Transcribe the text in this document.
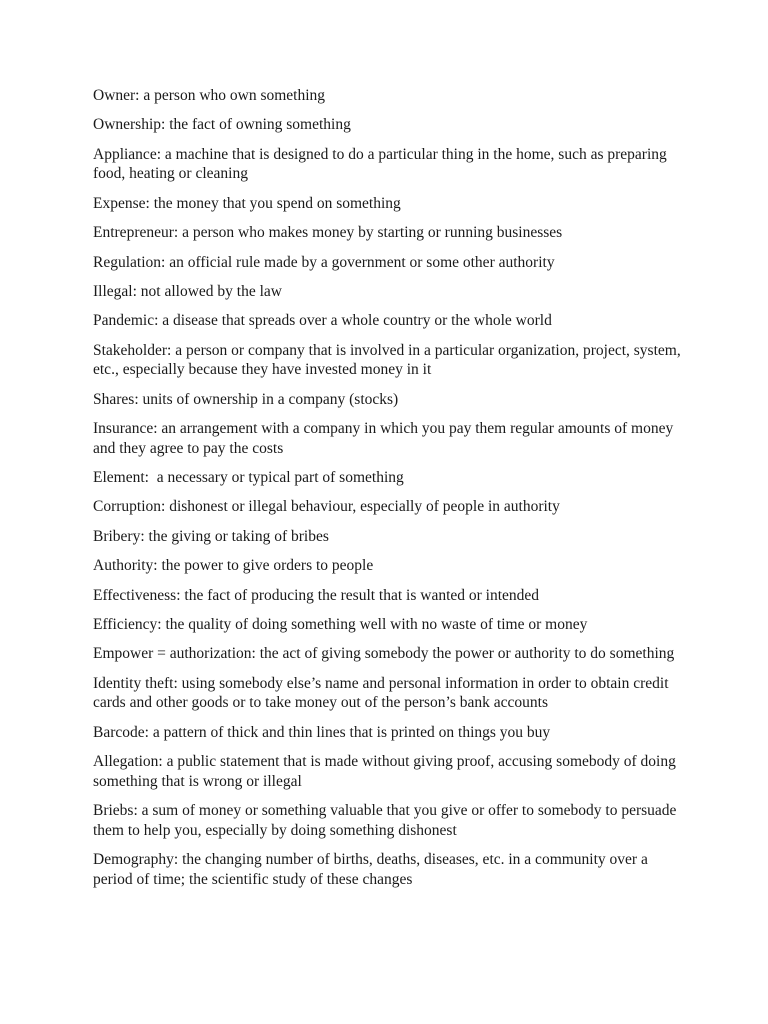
Owner: a person who own something
Ownership: the fact of owning something
Appliance: a machine that is designed to do a particular thing in the home, such as preparing food, heating or cleaning
Expense: the money that you spend on something
Entrepreneur: a person who makes money by starting or running businesses
Regulation: an official rule made by a government or some other authority
Illegal: not allowed by the law
Pandemic: a disease that spreads over a whole country or the whole world
Stakeholder: a person or company that is involved in a particular organization, project, system, etc., especially because they have invested money in it
Shares: units of ownership in a company (stocks)
Insurance: an arrangement with a company in which you pay them regular amounts of money and they agree to pay the costs
Element:  a necessary or typical part of something
Corruption: dishonest or illegal behaviour, especially of people in authority
Bribery: the giving or taking of bribes
Authority: the power to give orders to people
Effectiveness: the fact of producing the result that is wanted or intended
Efficiency: the quality of doing something well with no waste of time or money
Empower = authorization: the act of giving somebody the power or authority to do something
Identity theft: using somebody else’s name and personal information in order to obtain credit cards and other goods or to take money out of the person’s bank accounts
Barcode: a pattern of thick and thin lines that is printed on things you buy
Allegation: a public statement that is made without giving proof, accusing somebody of doing something that is wrong or illegal
Briebs: a sum of money or something valuable that you give or offer to somebody to persuade them to help you, especially by doing something dishonest
Demography: the changing number of births, deaths, diseases, etc. in a community over a period of time; the scientific study of these changes
